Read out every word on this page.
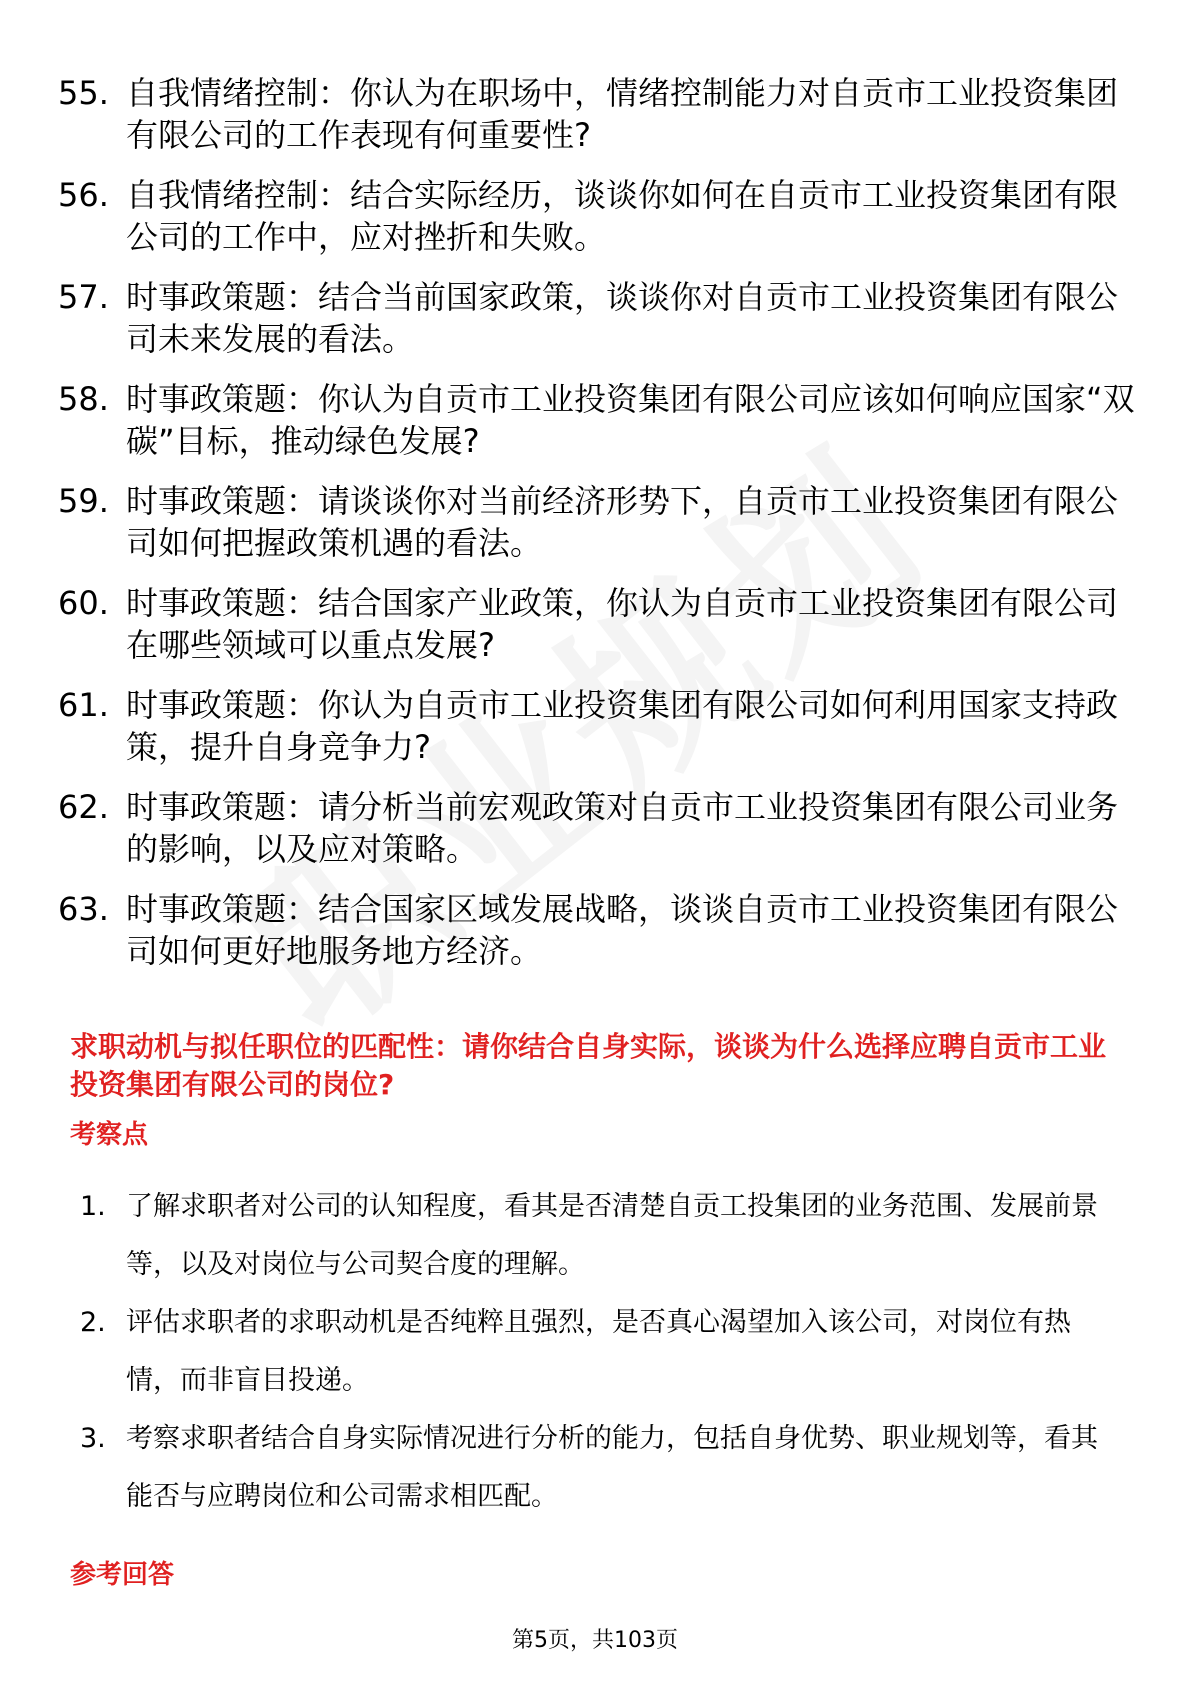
55. 自我情绪控制：你认为在职场中，情绪控制能力对自贡市工业投资集团有限公司的工作表现有何重要性?
56. 自我情绪控制：结合实际经历，谈谈你如何在自贡市工业投资集团有限公司的工作中，应对挫折和失败。
57. 时事政策题：结合当前国家政策，谈谈你对自贡市工业投资集团有限公司未来发展的看法。
58. 时事政策题：你认为自贡市工业投资集团有限公司应该如何响应国家“双碳”目标，推动绿色发展?
59. 时事政策题：请谈谈你对当前经济形势下，自贡市工业投资集团有限公司如何把握政策机遇的看法。
60. 时事政策题：结合国家产业政策，你认为自贡市工业投资集团有限公司在哪些领域可以重点发展?
61. 时事政策题：你认为自贡市工业投资集团有限公司如何利用国家支持政策，提升自身竞争力?
62. 时事政策题：请分析当前宏观政策对自贡市工业投资集团有限公司业务的影响，以及应对策略。
63. 时事政策题：结合国家区域发展战略，谈谈自贡市工业投资集团有限公司如何更好地服务地方经济。
求职动机与拟任职位的匹配性：请你结合自身实际，谈谈为什么选择应聘自贡市工业投资集团有限公司的岗位?
考察点
1. 了解求职者对公司的认知程度，看其是否清楚自贡工投集团的业务范围、发展前景等，以及对岗位与公司契合度的理解。
2. 评估求职者的求职动机是否纯粹且强烈，是否真心渴望加入该公司，对岗位有热情，而非盲目投递。
3. 考察求职者结合自身实际情况进行分析的能力，包括自身优势、职业规划等，看其能否与应聘岗位和公司需求相匹配。
参考回答
第5页，共103页
